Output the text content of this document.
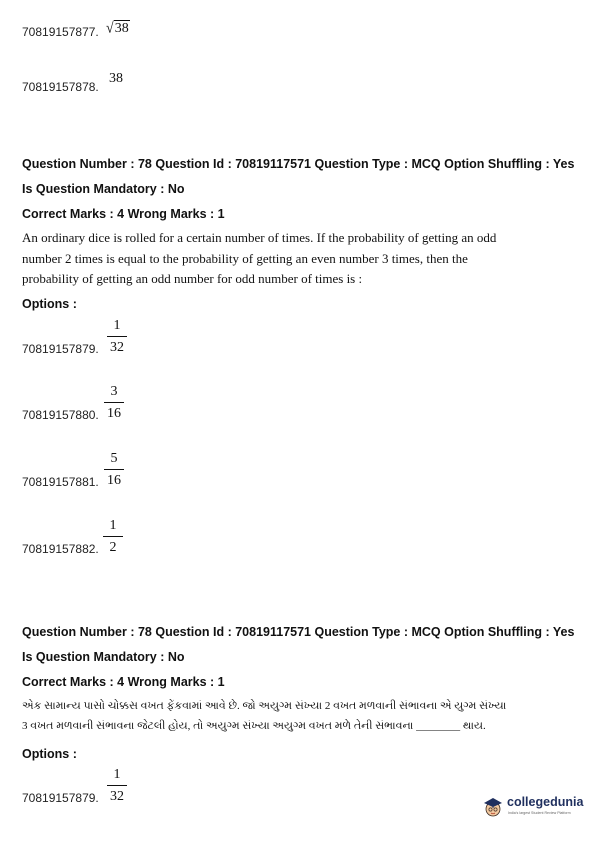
70819157877. √38
70819157878.
38
Question Number : 78 Question Id : 70819117571 Question Type : MCQ Option Shuffling : Yes
Is Question Mandatory : No
Correct Marks : 4 Wrong Marks : 1
An ordinary dice is rolled for a certain number of times. If the probability of getting an odd
number 2 times is equal to the probability of getting an even number 3 times, then the
probability of getting an odd number for odd number of times is :
Options :
70819157879.
1
32
70819157880.
3
16
70819157881.
5
16
70819157882.
1
2
Question Number : 78 Question Id : 70819117571 Question Type : MCQ Option Shuffling : Yes
Is Question Mandatory : No
Correct Marks : 4 Wrong Marks : 1
એક સામાન્ય પાસો ચોક્કસ વખત ફેંકવામાં આવે છે. જો અયુગ્મ સંખ્યા 2 વખત મળવાની સંભાવના એ યુગ્મ સંખ્યા
3 વખત મળવાની સંભાવના જેટલી હોય, તો અયુગ્મ સંખ્યા અયુગ્મ વખત મળે તેની સંભાવના ________ થાય.
Options :
70819157879.
1
32	collegedunia
India's largest Student Review Platform
